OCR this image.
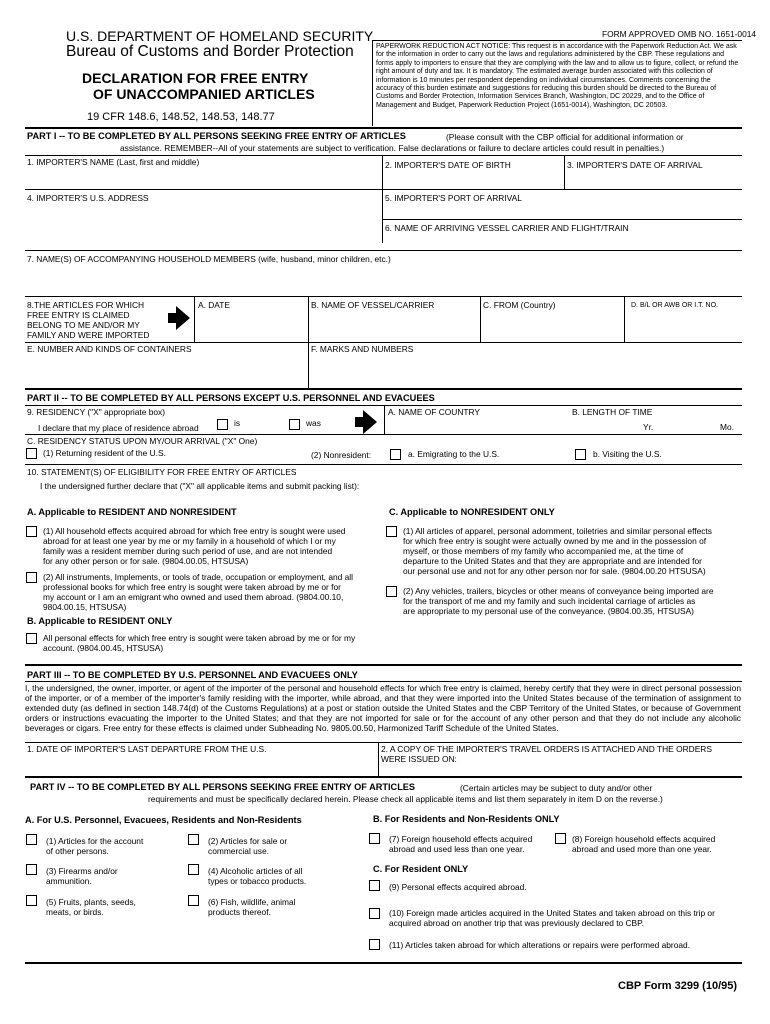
U.S. DEPARTMENT OF HOMELAND SECURITY
Bureau of Customs and Border Protection
DECLARATION FOR FREE ENTRY
OF UNACCOMPANIED ARTICLES
19 CFR 148.6, 148.52, 148.53, 148.77
FORM APPROVED OMB NO. 1651-0014
PAPERWORK REDUCTION ACT NOTICE: This request is in accordance with the Paperwork Reduction Act. We ask for the information in order to carry out the laws and regulations administered by the CBP. These regulations and forms apply to importers to ensure that they are complying with the law and to allow us to figure, collect, or refund the right amount of duty and tax. It is mandatory. The estimated average burden associated with this collection of information is 10 minutes per respondent depending on individual circumstances. Comments concerning the accuracy of this burden estimate and suggestions for reducing this burden should be directed to the Bureau of Customs and Border Protection, Information Services Branch, Washington, DC 20229, and to the Office of Management and Budget, Paperwork Reduction Project (1651-0014), Washington, DC 20503.
PART I -- TO BE COMPLETED BY ALL PERSONS SEEKING FREE ENTRY OF ARTICLES	(Please consult with the CBP official for additional information or
assistance. REMEMBER--All of your statements are subject to verification. False declarations or failure to declare articles could result in penalties.)
1. IMPORTER'S NAME (Last, first and middle)	2. IMPORTER'S DATE OF BIRTH	3. IMPORTER'S DATE OF ARRIVAL
4. IMPORTER'S U.S. ADDRESS	5. IMPORTER'S PORT OF ARRIVAL
6. NAME OF ARRIVING VESSEL CARRIER AND FLIGHT/TRAIN
7. NAME(S) OF ACCOMPANYING HOUSEHOLD MEMBERS (wife, husband, minor children, etc.)
8.THE ARTICLES FOR WHICH
FREE ENTRY IS CLAIMED
BELONG TO ME AND/OR MY
FAMILY AND WERE IMPORTED
A. DATE	B. NAME OF VESSEL/CARRIER	C. FROM (Country)	D. B/L OR AWB OR I.T. NO.
E. NUMBER AND KINDS OF CONTAINERS	F. MARKS AND NUMBERS
PART II -- TO BE COMPLETED BY ALL PERSONS EXCEPT U.S. PERSONNEL AND EVACUEES
9. RESIDENCY ("X" appropriate box)
I declare that my place of residence abroad	is	was
A. NAME OF COUNTRY	B. LENGTH OF TIME
Yr.	Mo.
C. RESIDENCY STATUS UPON MY/OUR ARRIVAL ("X" One)
(1) Returning resident of the U.S.	(2) Nonresident:	a. Emigrating to the U.S.	b. Visiting the U.S.
10. STATEMENT(S) OF ELIGIBILITY FOR FREE ENTRY OF ARTICLES
I the undersigned further declare that ("X" all applicable items and submit packing list):
A. Applicable to RESIDENT AND NONRESIDENT
(1) All household effects acquired abroad for which free entry is sought were used
abroad for at least one year by me or my family in a household of which I or my
family was a resident member during such period of use, and are not intended
for any other person or for sale. (9804.00.05, HTSUSA)
(2) All instruments, Implements, or tools of trade, occupation or employment, and all
professional books for which free entry is sought were taken abroad by me or for
my account or I am an emigrant who owned and used them abroad. (9804.00.10,
9804.00.15, HTSUSA)
B. Applicable to RESIDENT ONLY
All personal effects for which free entry is sought were taken abroad by me or for my
account. (9804.00.45, HTSUSA)
C. Applicable to NONRESIDENT ONLY
(1) All articles of apparel, personal adornment, toiletries and similar personal effects
for which free entry is sought were actually owned by me and in the possession of
myself, or those members of my family who accompanied me, at the time of
departure to the United States and that they are appropriate and are intended for
our personal use and not for any other person nor for sale. (9804.00.20 HTSUSA)
(2) Any vehicles, trailers, bicycles or other means of conveyance being imported are
for the transport of me and my family and such incidental carriage of articles as
are appropriate to my personal use of the conveyance. (9804.00.35, HTSUSA)
PART III -- TO BE COMPLETED BY U.S. PERSONNEL AND EVACUEES ONLY
I, the undersigned, the owner, importer, or agent of the importer of the personal and household effects for which free entry is claimed, hereby certify that they were in direct personal possession of the importer, or of a member of the importer's family residing with the importer, while abroad, and that they were imported into the United States because of the termination of assignment to extended duty (as defined in section 148.74(d) of the Customs Regulations) at a post or station outside the United States and the CBP Territory of the United States, or because of Government orders or instructions evacuating the importer to the United States; and that they are not imported for sale or for the account of any other person and that they do not include any alcoholic beverages or cigars. Free entry for these effects is claimed under Subheading No. 9805.00.50, Harmonized Tariff Schedule of the United States.
1. DATE OF IMPORTER'S LAST DEPARTURE FROM THE U.S.	2. A COPY OF THE IMPORTER'S TRAVEL ORDERS IS ATTACHED AND THE ORDERS
WERE ISSUED ON:
PART IV -- TO BE COMPLETED BY ALL PERSONS SEEKING FREE ENTRY OF ARTICLES	(Certain articles may be subject to duty and/or other
requirements and must be specifically declared herein. Please check all applicable items and list them separately in item D on the reverse.)
A. For U.S. Personnel, Evacuees, Residents and Non-Residents
(1) Articles for the account
of other persons.
(2) Articles for sale or
commercial use.
(3) Firearms and/or
ammunition.
(4) Alcoholic articles of all
types or tobacco products.
(5) Fruits, plants, seeds,
meats, or birds.
(6) Fish, wildlife, animal
products thereof.
B. For Residents and Non-Residents ONLY
(7) Foreign household effects acquired
abroad and used less than one year.
(8) Foreign household effects acquired
abroad and used more than one year.
C. For Resident ONLY
(9) Personal effects acquired abroad.
(10) Foreign made articles acquired in the United States and taken abroad on this trip or
acquired abroad on another trip that was previously declared to CBP.
(11) Articles taken abroad for which alterations or repairs were performed abroad.
CBP Form 3299 (10/95)
